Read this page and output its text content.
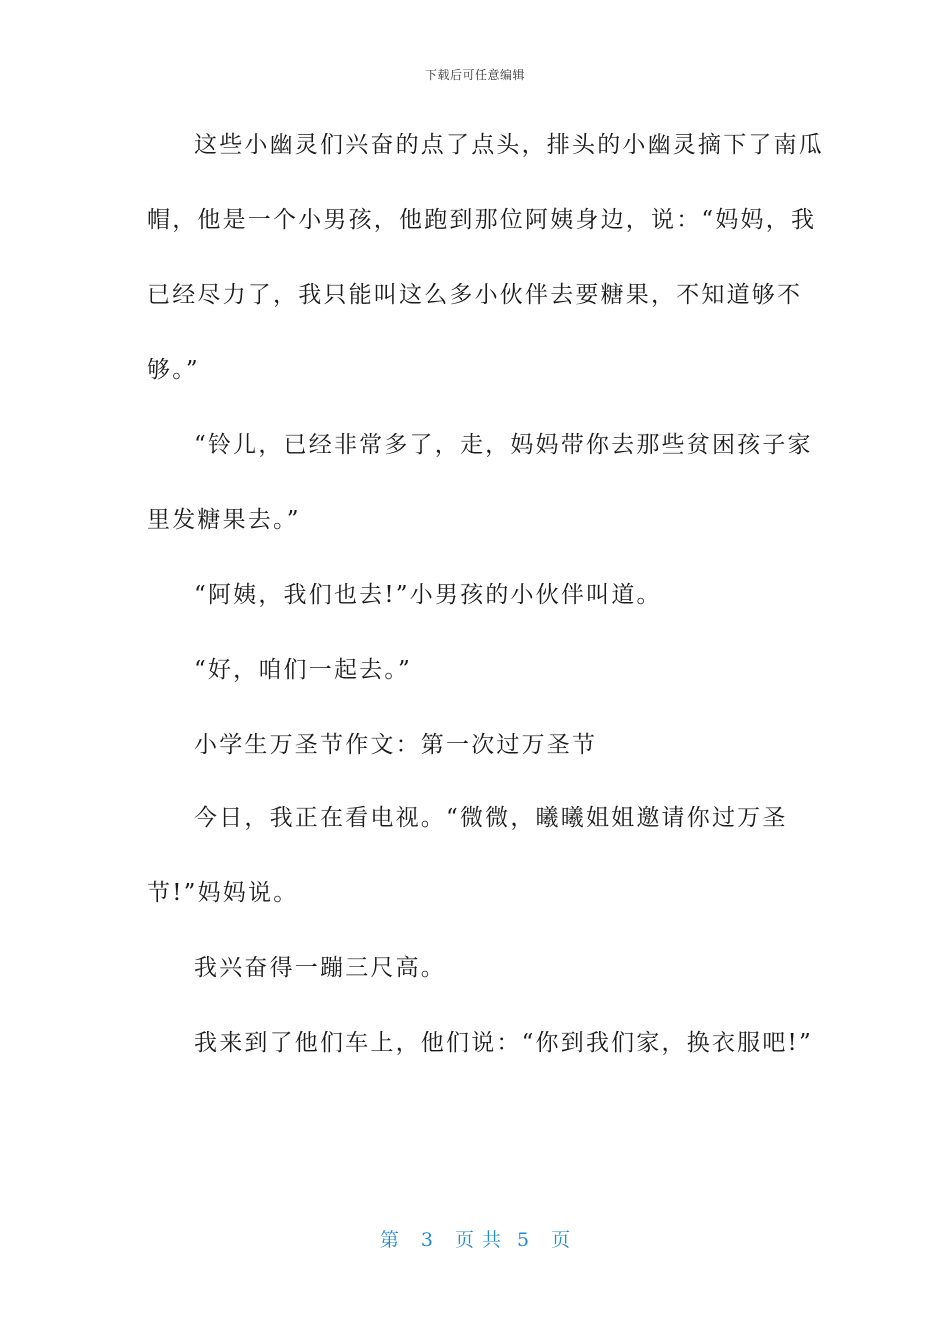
下载后可任意编辑
这些小幽灵们兴奋的点了点头，排头的小幽灵摘下了南瓜
帽，他是一个小男孩，他跑到那位阿姨身边，说：“妈妈，我
已经尽力了，我只能叫这么多小伙伴去要糖果，不知道够不
够。”
“铃儿，已经非常多了，走，妈妈带你去那些贫困孩子家
里发糖果去。”
“阿姨，我们也去!”小男孩的小伙伴叫道。
“好，咱们一起去。”
小学生万圣节作文：第一次过万圣节
今日，我正在看电视。“微微，曦曦姐姐邀请你过万圣
节!”妈妈说。
我兴奋得一蹦三尺高。
我来到了他们车上，他们说：“你到我们家，换衣服吧!”
第 3 页共 5 页
